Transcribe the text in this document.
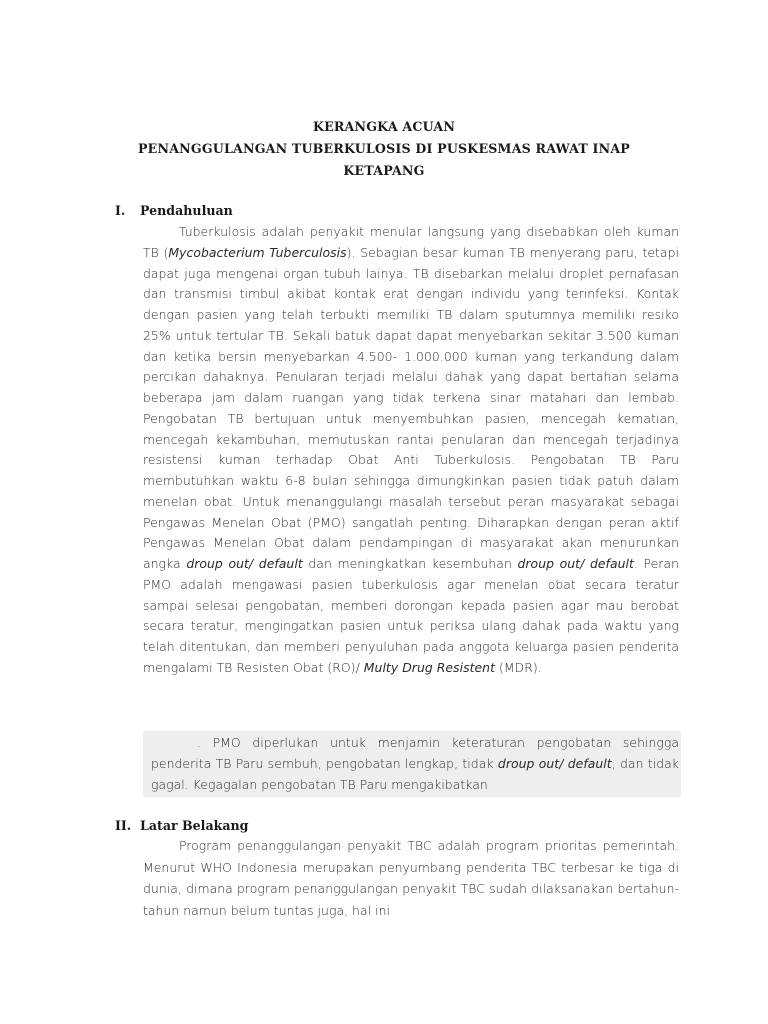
KERANGKA ACUAN
PENANGGULANGAN TUBERKULOSIS DI PUSKESMAS RAWAT INAP
KETAPANG
I. Pendahuluan
Tuberkulosis adalah penyakit menular langsung yang disebabkan oleh kuman TB (Mycobacterium Tuberculosis). Sebagian besar kuman TB menyerang paru, tetapi dapat juga mengenai organ tubuh lainya. TB disebarkan melalui droplet pernafasan dan transmisi timbul akibat kontak erat dengan individu yang terinfeksi. Kontak dengan pasien yang telah terbukti memiliki TB dalam sputumnya memiliki resiko 25% untuk tertular TB. Sekali batuk dapat dapat menyebarkan sekitar 3.500 kuman dan ketika bersin menyebarkan 4.500- 1.000.000 kuman yang terkandung dalam percikan dahaknya. Penularan terjadi melalui dahak yang dapat bertahan selama beberapa jam dalam ruangan yang tidak terkena sinar matahari dan lembab. Pengobatan TB bertujuan untuk menyembuhkan pasien, mencegah kematian, mencegah kekambuhan, memutuskan rantai penularan dan mencegah terjadinya resistensi kuman terhadap Obat Anti Tuberkulosis. Pengobatan TB Paru membutuhkan waktu 6-8 bulan sehingga dimungkinkan pasien tidak patuh dalam menelan obat. Untuk menanggulangi masalah tersebut peran masyarakat sebagai Pengawas Menelan Obat (PMO) sangatlah penting. Diharapkan dengan peran aktif Pengawas Menelan Obat dalam pendampingan di masyarakat akan menurunkan angka droup out/ default dan meningkatkan kesembuhan droup out/ default. Peran PMO adalah mengawasi pasien tuberkulosis agar menelan obat secara teratur sampai selesai pengobatan, memberi dorongan kepada pasien agar mau berobat secara teratur, mengingatkan pasien untuk periksa ulang dahak pada waktu yang telah ditentukan, dan memberi penyuluhan pada anggota keluarga pasien penderita mengalami TB Resisten Obat (RO)/ Multy Drug Resistent (MDR).
. PMO diperlukan untuk menjamin keteraturan pengobatan sehingga penderita TB Paru sembuh, pengobatan lengkap, tidak droup out/ default, dan tidak gagal. Kegagalan pengobatan TB Paru mengakibatkan
II. Latar Belakang
Program penanggulangan penyakit TBC adalah program prioritas pemerintah. Menurut WHO Indonesia merupakan penyumbang penderita TBC terbesar ke tiga di dunia, dimana program penanggulangan penyakit TBC sudah dilaksanakan bertahun-tahun namun belum tuntas juga, hal ini
